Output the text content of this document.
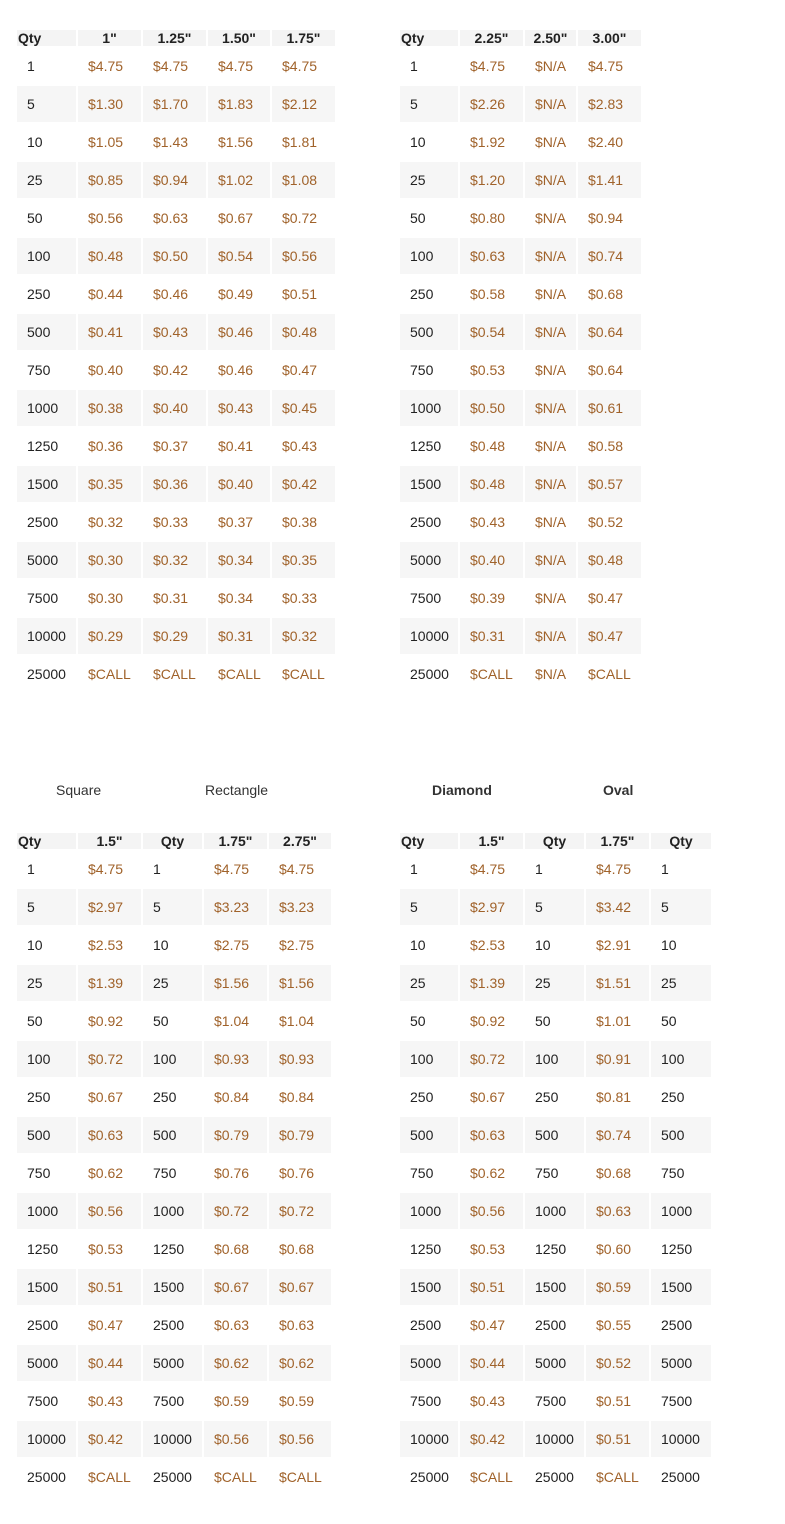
Qty	1"	1.25"	1.50"	1.75"
1	$4.75	$4.75	$4.75	$4.75
5	$1.30	$1.70	$1.83	$2.12
10	$1.05	$1.43	$1.56	$1.81
25	$0.85	$0.94	$1.02	$1.08
50	$0.56	$0.63	$0.67	$0.72
100	$0.48	$0.50	$0.54	$0.56
250	$0.44	$0.46	$0.49	$0.51
500	$0.41	$0.43	$0.46	$0.48
750	$0.40	$0.42	$0.46	$0.47
1000	$0.38	$0.40	$0.43	$0.45
1250	$0.36	$0.37	$0.41	$0.43
1500	$0.35	$0.36	$0.40	$0.42
2500	$0.32	$0.33	$0.37	$0.38
5000	$0.30	$0.32	$0.34	$0.35
7500	$0.30	$0.31	$0.34	$0.33
10000	$0.29	$0.29	$0.31	$0.32
25000	$CALL	$CALL	$CALL	$CALL
Qty	2.25"	2.50"	3.00"
1	$4.75	$N/A	$4.75
5	$2.26	$N/A	$2.83
10	$1.92	$N/A	$2.40
25	$1.20	$N/A	$1.41
50	$0.80	$N/A	$0.94
100	$0.63	$N/A	$0.74
250	$0.58	$N/A	$0.68
500	$0.54	$N/A	$0.64
750	$0.53	$N/A	$0.64
1000	$0.50	$N/A	$0.61
1250	$0.48	$N/A	$0.58
1500	$0.48	$N/A	$0.57
2500	$0.43	$N/A	$0.52
5000	$0.40	$N/A	$0.48
7500	$0.39	$N/A	$0.47
10000	$0.31	$N/A	$0.47
25000	$CALL	$N/A	$CALL
Square	Rectangle	Diamond	Oval
Qty	1.5"	Qty	1.75"	2.75"
1	$4.75	1	$4.75	$4.75
5	$2.97	5	$3.23	$3.23
10	$2.53	10	$2.75	$2.75
25	$1.39	25	$1.56	$1.56
50	$0.92	50	$1.04	$1.04
100	$0.72	100	$0.93	$0.93
250	$0.67	250	$0.84	$0.84
500	$0.63	500	$0.79	$0.79
750	$0.62	750	$0.76	$0.76
1000	$0.56	1000	$0.72	$0.72
1250	$0.53	1250	$0.68	$0.68
1500	$0.51	1500	$0.67	$0.67
2500	$0.47	2500	$0.63	$0.63
5000	$0.44	5000	$0.62	$0.62
7500	$0.43	7500	$0.59	$0.59
10000	$0.42	10000	$0.56	$0.56
25000	$CALL	25000	$CALL	$CALL
Qty	1.5"	Qty	1.75"	Qty
1	$4.75	1	$4.75	1
5	$2.97	5	$3.42	5
10	$2.53	10	$2.91	10
25	$1.39	25	$1.51	25
50	$0.92	50	$1.01	50
100	$0.72	100	$0.91	100
250	$0.67	250	$0.81	250
500	$0.63	500	$0.74	500
750	$0.62	750	$0.68	750
1000	$0.56	1000	$0.63	1000
1250	$0.53	1250	$0.60	1250
1500	$0.51	1500	$0.59	1500
2500	$0.47	2500	$0.55	2500
5000	$0.44	5000	$0.52	5000
7500	$0.43	7500	$0.51	7500
10000	$0.42	10000	$0.51	10000
25000	$CALL	25000	$CALL	25000
